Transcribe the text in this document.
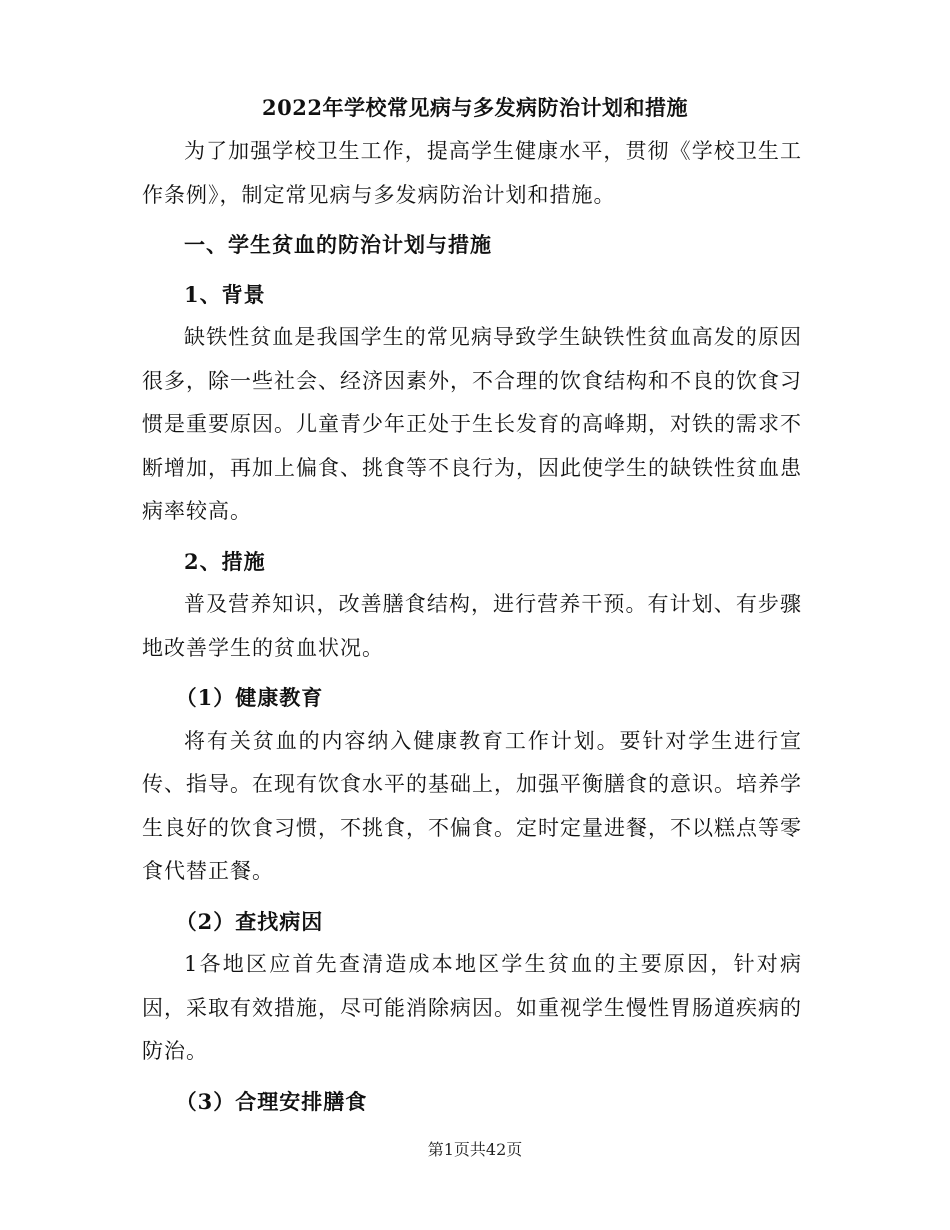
2022年学校常见病与多发病防治计划和措施

为了加强学校卫生工作，提高学生健康水平，贯彻《学校卫生工作条例》，制定常见病与多发病防治计划和措施。

一、学生贫血的防治计划与措施

1、背景

缺铁性贫血是我国学生的常见病导致学生缺铁性贫血高发的原因很多，除一些社会、经济因素外，不合理的饮食结构和不良的饮食习惯是重要原因。儿童青少年正处于生长发育的高峰期，对铁的需求不断增加，再加上偏食、挑食等不良行为，因此使学生的缺铁性贫血患病率较高。

2、措施

普及营养知识，改善膳食结构，进行营养干预。有计划、有步骤地改善学生的贫血状况。

（1）健康教育

将有关贫血的内容纳入健康教育工作计划。要针对学生进行宣传、指导。在现有饮食水平的基础上，加强平衡膳食的意识。培养学生良好的饮食习惯，不挑食，不偏食。定时定量进餐，不以糕点等零食代替正餐。

（2）查找病因

1各地区应首先查清造成本地区学生贫血的主要原因，针对病因，采取有效措施，尽可能消除病因。如重视学生慢性胃肠道疾病的防治。

（3）合理安排膳食

第1页共42页
